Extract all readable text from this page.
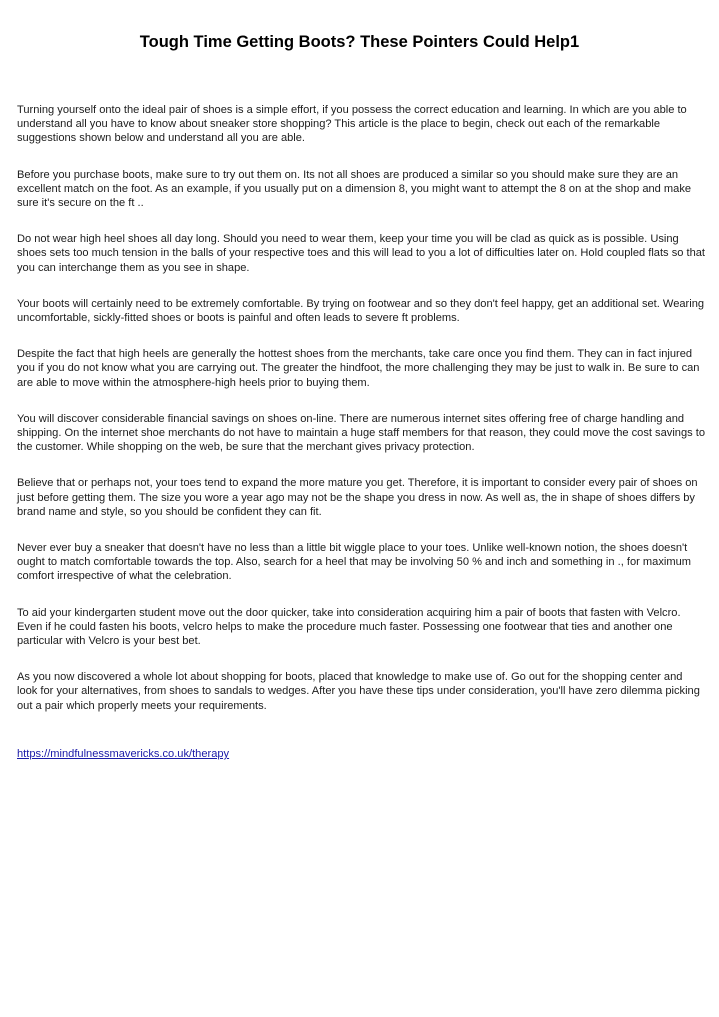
Tough Time Getting Boots? These Pointers Could Help1

Turning yourself onto the ideal pair of shoes is a simple effort, if you possess the correct education and learning. In which are you able to understand all you have to know about sneaker store shopping? This article is the place to begin, check out each of the remarkable suggestions shown below and understand all you are able.

Before you purchase boots, make sure to try out them on. Its not all shoes are produced a similar so you should make sure they are an excellent match on the foot. As an example, if you usually put on a dimension 8, you might want to attempt the 8 on at the shop and make sure it's secure on the ft ..

Do not wear high heel shoes all day long. Should you need to wear them, keep your time you will be clad as quick as is possible. Using shoes sets too much tension in the balls of your respective toes and this will lead to you a lot of difficulties later on. Hold coupled flats so that you can interchange them as you see in shape.

Your boots will certainly need to be extremely comfortable. By trying on footwear and so they don't feel happy, get an additional set. Wearing uncomfortable, sickly-fitted shoes or boots is painful and often leads to severe ft problems.

Despite the fact that high heels are generally the hottest shoes from the merchants, take care once you find them. They can in fact injured you if you do not know what you are carrying out. The greater the hindfoot, the more challenging they may be just to walk in. Be sure to can are able to move within the atmosphere-high heels prior to buying them.

You will discover considerable financial savings on shoes on-line. There are numerous internet sites offering free of charge handling and shipping. On the internet shoe merchants do not have to maintain a huge staff members for that reason, they could move the cost savings to the customer. While shopping on the web, be sure that the merchant gives privacy protection.

Believe that or perhaps not, your toes tend to expand the more mature you get. Therefore, it is important to consider every pair of shoes on just before getting them. The size you wore a year ago may not be the shape you dress in now. As well as, the in shape of shoes differs by brand name and style, so you should be confident they can fit.

Never ever buy a sneaker that doesn't have no less than a little bit wiggle place to your toes. Unlike well-known notion, the shoes doesn't ought to match comfortable towards the top. Also, search for a heel that may be involving 50 % and inch and something in ., for maximum comfort irrespective of what the celebration.

To aid your kindergarten student move out the door quicker, take into consideration acquiring him a pair of boots that fasten with Velcro. Even if he could fasten his boots, velcro helps to make the procedure much faster. Possessing one footwear that ties and another one particular with Velcro is your best bet.

As you now discovered a whole lot about shopping for boots, placed that knowledge to make use of. Go out for the shopping center and look for your alternatives, from shoes to sandals to wedges. After you have these tips under consideration, you'll have zero dilemma picking out a pair which properly meets your requirements.

https://mindfulnessmavericks.co.uk/therapy
